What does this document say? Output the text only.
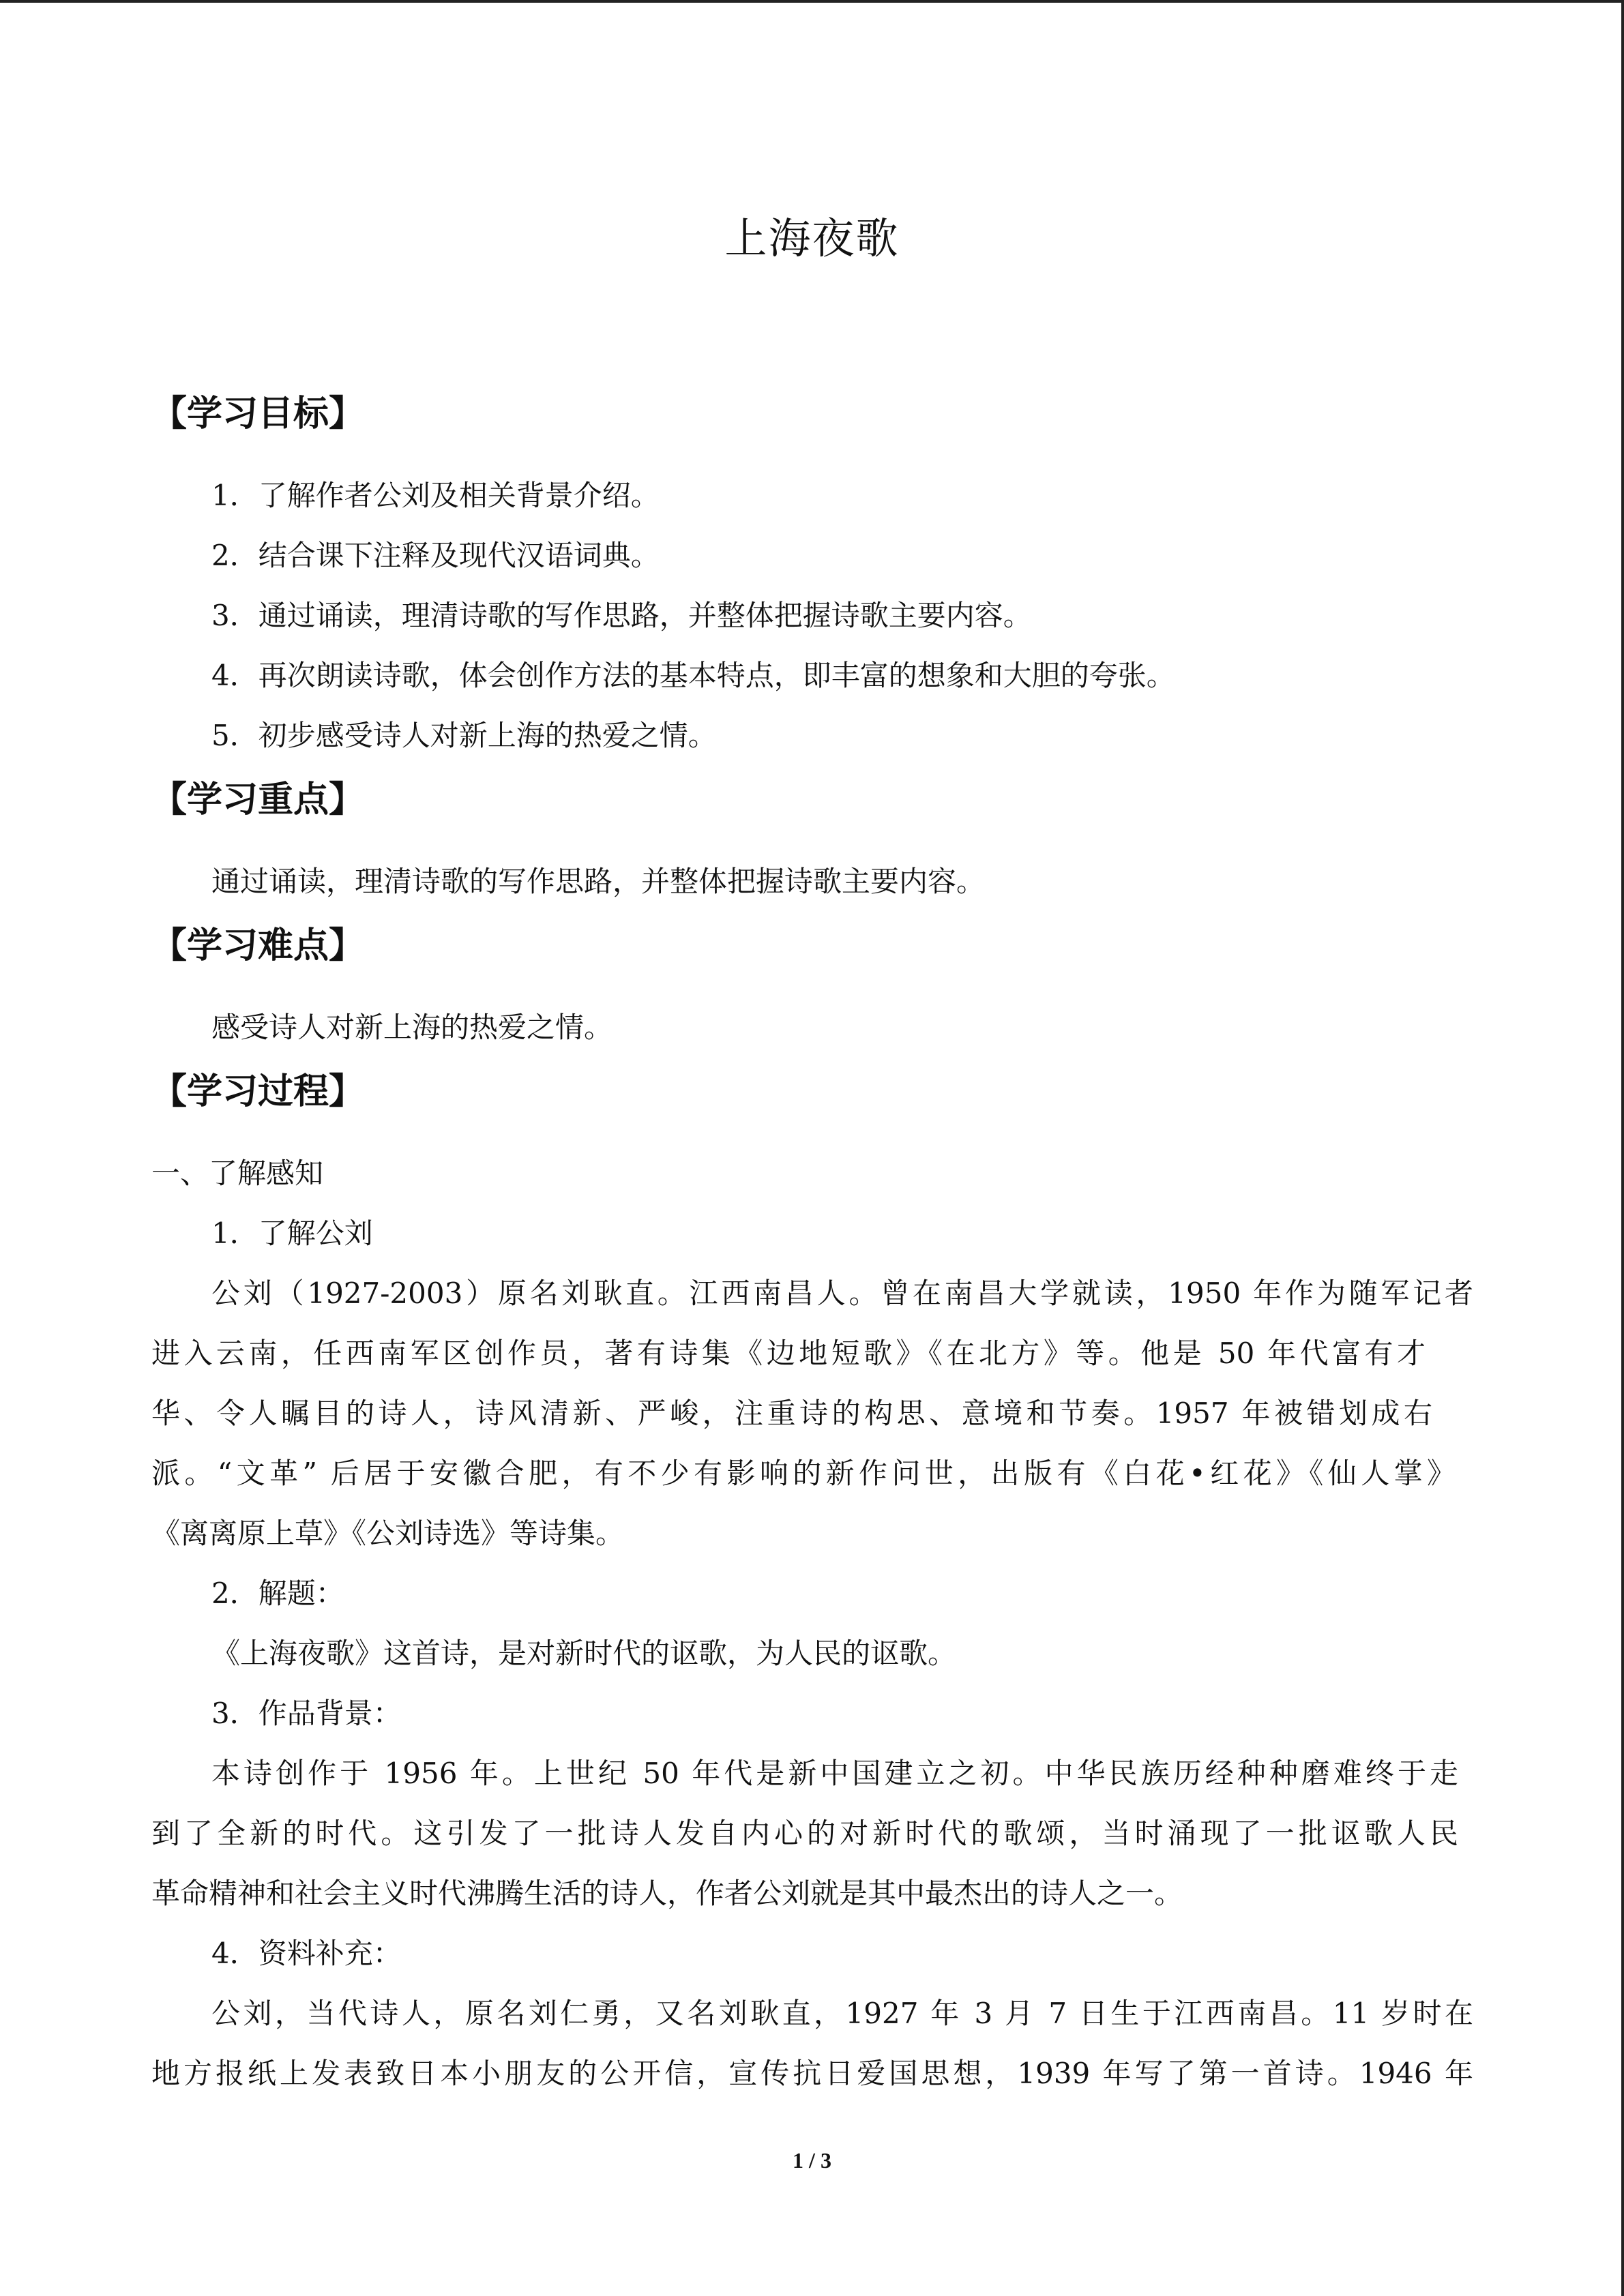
上海夜歌
【学习目标】
1．了解作者公刘及相关背景介绍。
2．结合课下注释及现代汉语词典。
3．通过诵读，理清诗歌的写作思路，并整体把握诗歌主要内容。
4．再次朗读诗歌，体会创作方法的基本特点，即丰富的想象和大胆的夸张。
5．初步感受诗人对新上海的热爱之情。
【学习重点】
通过诵读，理清诗歌的写作思路，并整体把握诗歌主要内容。
【学习难点】
感受诗人对新上海的热爱之情。
【学习过程】
一、了解感知
1．了解公刘
公刘（1927-2003）原名刘耿直。江西南昌人。曾在南昌大学就读，1950 年作为随军记者
进入云南，任西南军区创作员，著有诗集《边地短歌》《在北方》等。他是 50 年代富有才
华、令人瞩目的诗人，诗风清新、严峻，注重诗的构思、意境和节奏。1957 年被错划成右
派。“文革” 后居于安徽合肥，有不少有影响的新作问世，出版有《白花•红花》《仙人掌》
《离离原上草》《公刘诗选》等诗集。
2．解题：
《上海夜歌》这首诗，是对新时代的讴歌，为人民的讴歌。
3．作品背景：
本诗创作于 1956 年。上世纪 50 年代是新中国建立之初。中华民族历经种种磨难终于走
到了全新的时代。这引发了一批诗人发自内心的对新时代的歌颂，当时涌现了一批讴歌人民
革命精神和社会主义时代沸腾生活的诗人，作者公刘就是其中最杰出的诗人之一。
4．资料补充：
公刘，当代诗人，原名刘仁勇，又名刘耿直，1927 年 3 月 7 日生于江西南昌。11 岁时在
地方报纸上发表致日本小朋友的公开信，宣传抗日爱国思想，1939 年写了第一首诗。1946 年
1 / 3
